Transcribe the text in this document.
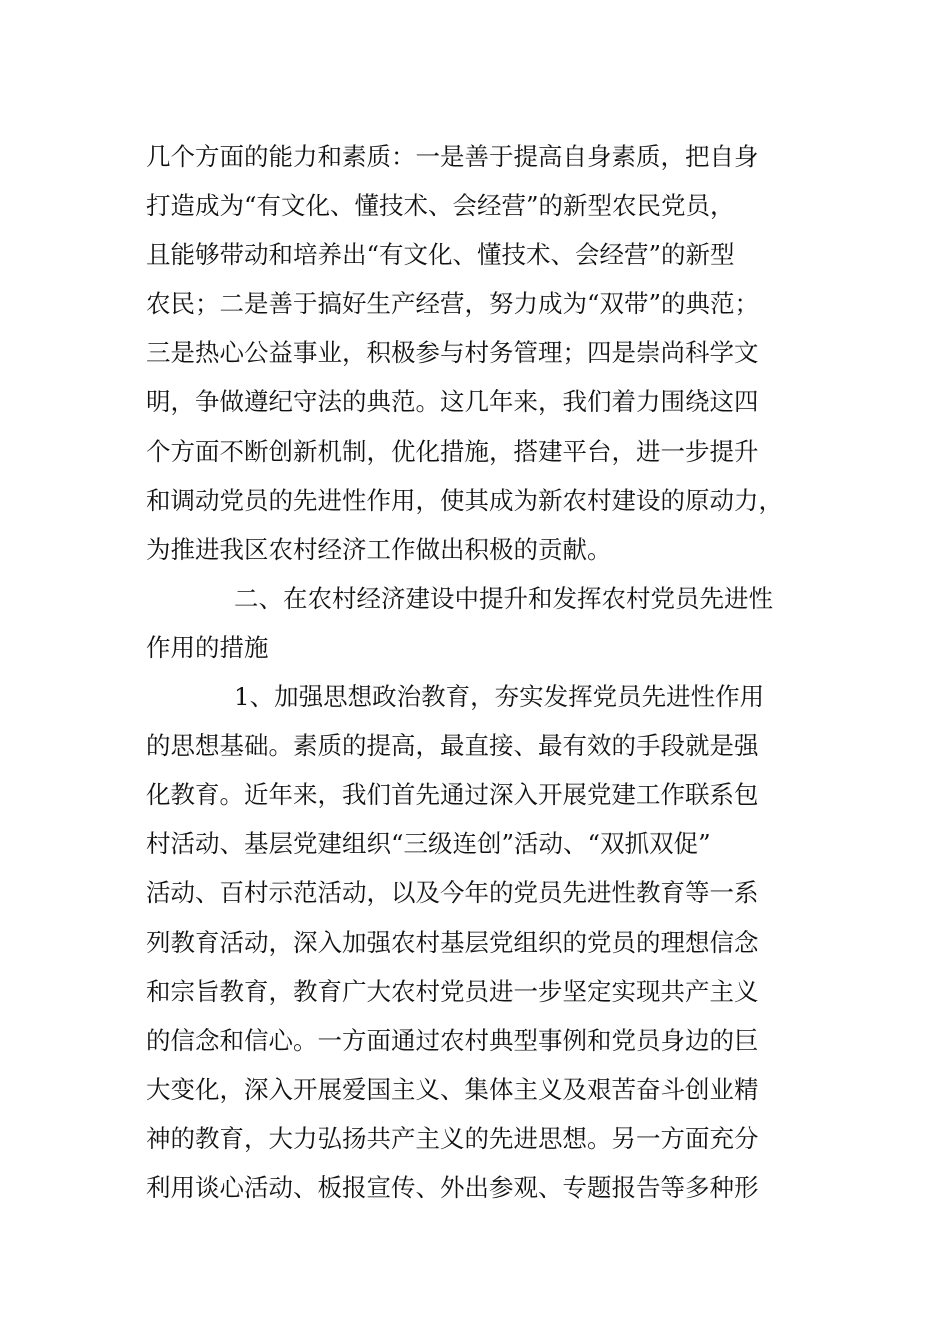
几个方面的能力和素质：一是善于提高自身素质，把自身
打造成为“有文化、懂技术、会经营”的新型农民党员，
且能够带动和培养出“有文化、懂技术、会经营”的新型
农民；二是善于搞好生产经营，努力成为“双带”的典范；
三是热心公益事业，积极参与村务管理；四是崇尚科学文
明，争做遵纪守法的典范。这几年来，我们着力围绕这四
个方面不断创新机制，优化措施，搭建平台，进一步提升
和调动党员的先进性作用，使其成为新农村建设的原动力，
为推进我区农村经济工作做出积极的贡献。
二、在农村经济建设中提升和发挥农村党员先进性
作用的措施
1、加强思想政治教育，夯实发挥党员先进性作用
的思想基础。素质的提高，最直接、最有效的手段就是强
化教育。近年来，我们首先通过深入开展党建工作联系包
村活动、基层党建组织“三级连创”活动、“双抓双促”
活动、百村示范活动，以及今年的党员先进性教育等一系
列教育活动，深入加强农村基层党组织的党员的理想信念
和宗旨教育，教育广大农村党员进一步坚定实现共产主义
的信念和信心。一方面通过农村典型事例和党员身边的巨
大变化，深入开展爱国主义、集体主义及艰苦奋斗创业精
神的教育，大力弘扬共产主义的先进思想。另一方面充分
利用谈心活动、板报宣传、外出参观、专题报告等多种形
